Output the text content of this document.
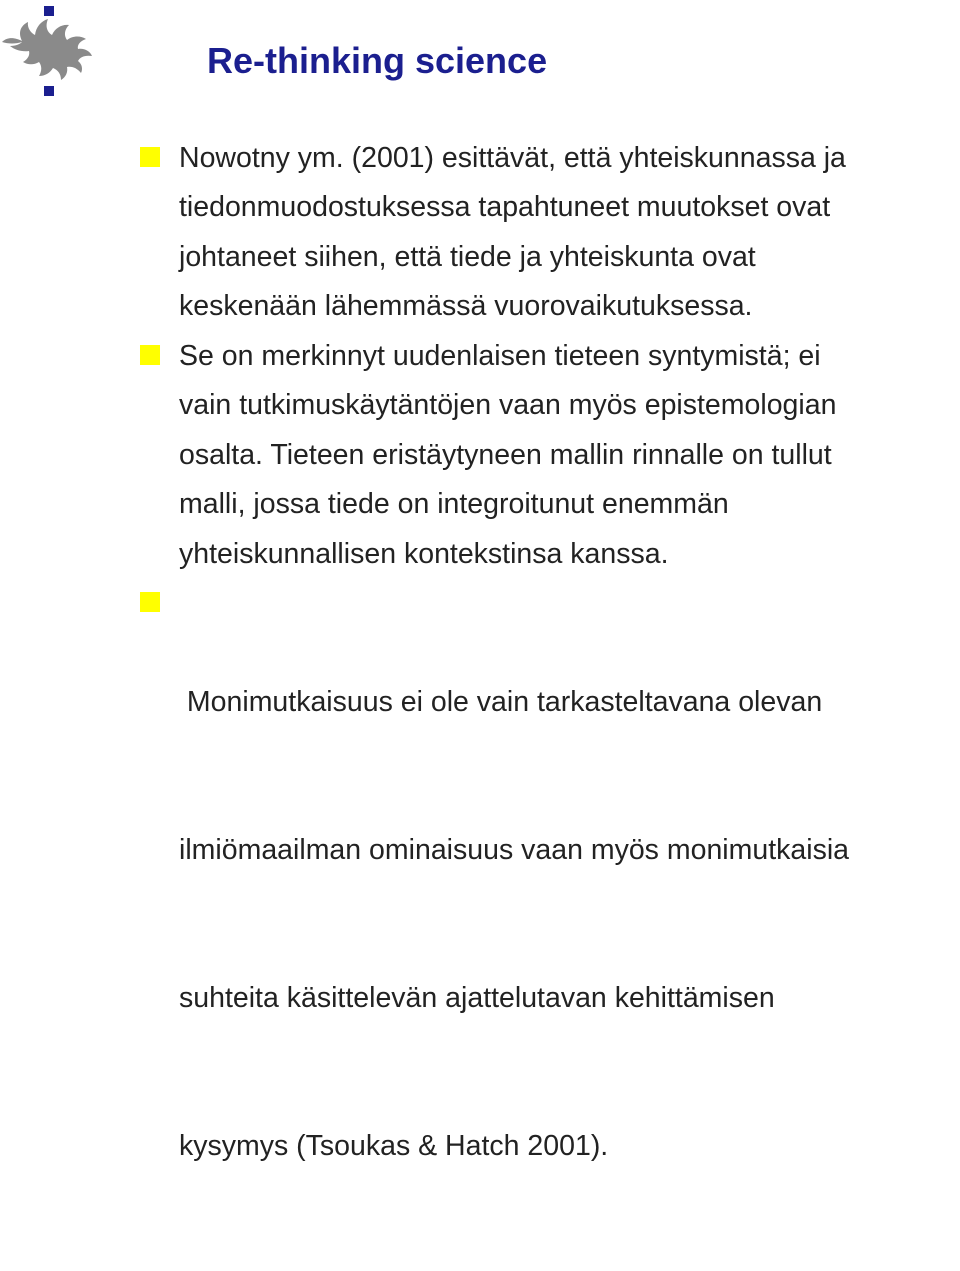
Re-thinking science

Nowotny ym. (2001) esittävät, että yhteiskunnassa ja
tiedonmuodostuksessa tapahtuneet muutokset ovat
johtaneet siihen, että tiede ja yhteiskunta ovat
keskenään lähemmässä vuorovaikutuksessa.

Se on merkinnyt uudenlaisen tieteen syntymistä; ei
vain tutkimuskäytäntöjen vaan myös epistemologian
osalta. Tieteen eristäytyneen mallin rinnalle on tullut
malli, jossa tiede on integroitunut enemmän
yhteiskunnallisen kontekstinsa kanssa.

Monimutkaisuus ei ole vain tarkasteltavana olevan

ilmiömaailman ominaisuus vaan myös monimutkaisia

suhteita käsittelevän ajattelutavan kehittämisen

kysymys (Tsoukas & Hatch 2001).
